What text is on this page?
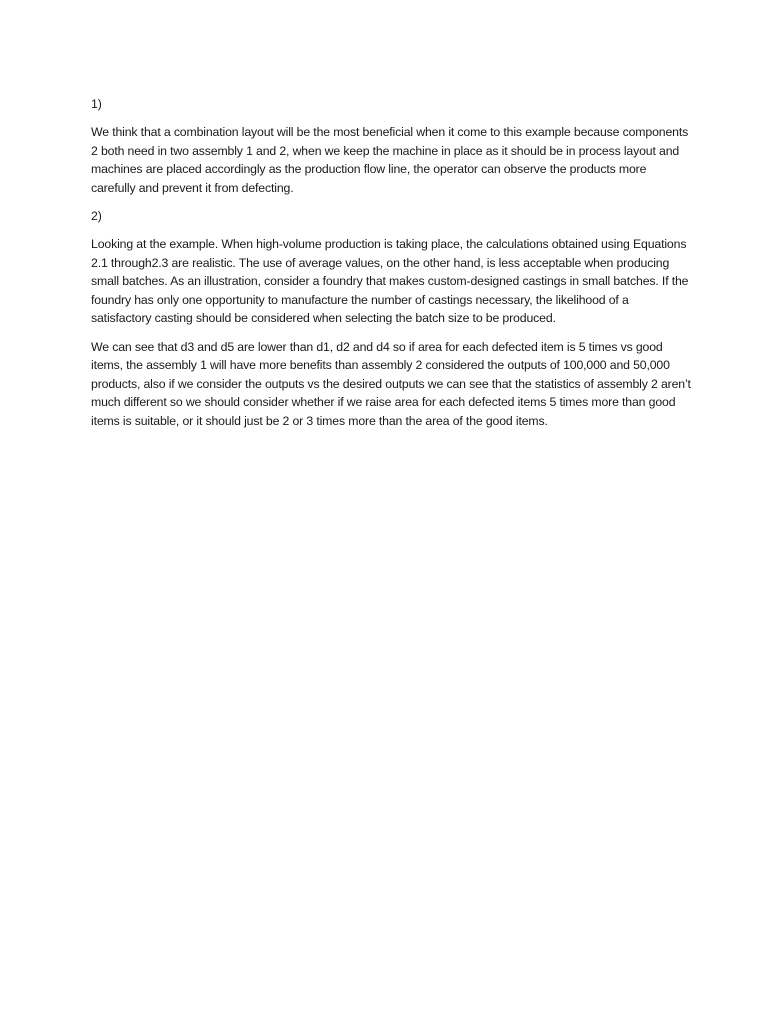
1)

We think that a combination layout will be the most beneficial when it come to this example because components 2 both need in two assembly 1 and 2, when we keep the machine in place as it should be in process layout and machines are placed accordingly as the production flow line, the operator can observe the products more carefully and prevent it from defecting.

2)

Looking at the example. When high-volume production is taking place, the calculations obtained using Equations 2.1 through2.3 are realistic. The use of average values, on the other hand, is less acceptable when producing small batches. As an illustration, consider a foundry that makes custom-designed castings in small batches. If the foundry has only one opportunity to manufacture the number of castings necessary, the likelihood of a satisfactory casting should be considered when selecting the batch size to be produced.

We can see that d3 and d5 are lower than d1, d2 and d4 so if area for each defected item is 5 times vs good items, the assembly 1 will have more benefits than assembly 2 considered the outputs of 100,000 and 50,000 products, also if we consider the outputs vs the desired outputs we can see that the statistics of assembly 2 aren’t much different so we should consider whether if we raise area for each defected items 5 times more than good items is suitable, or it should just be 2 or 3 times more than the area of the good items.
